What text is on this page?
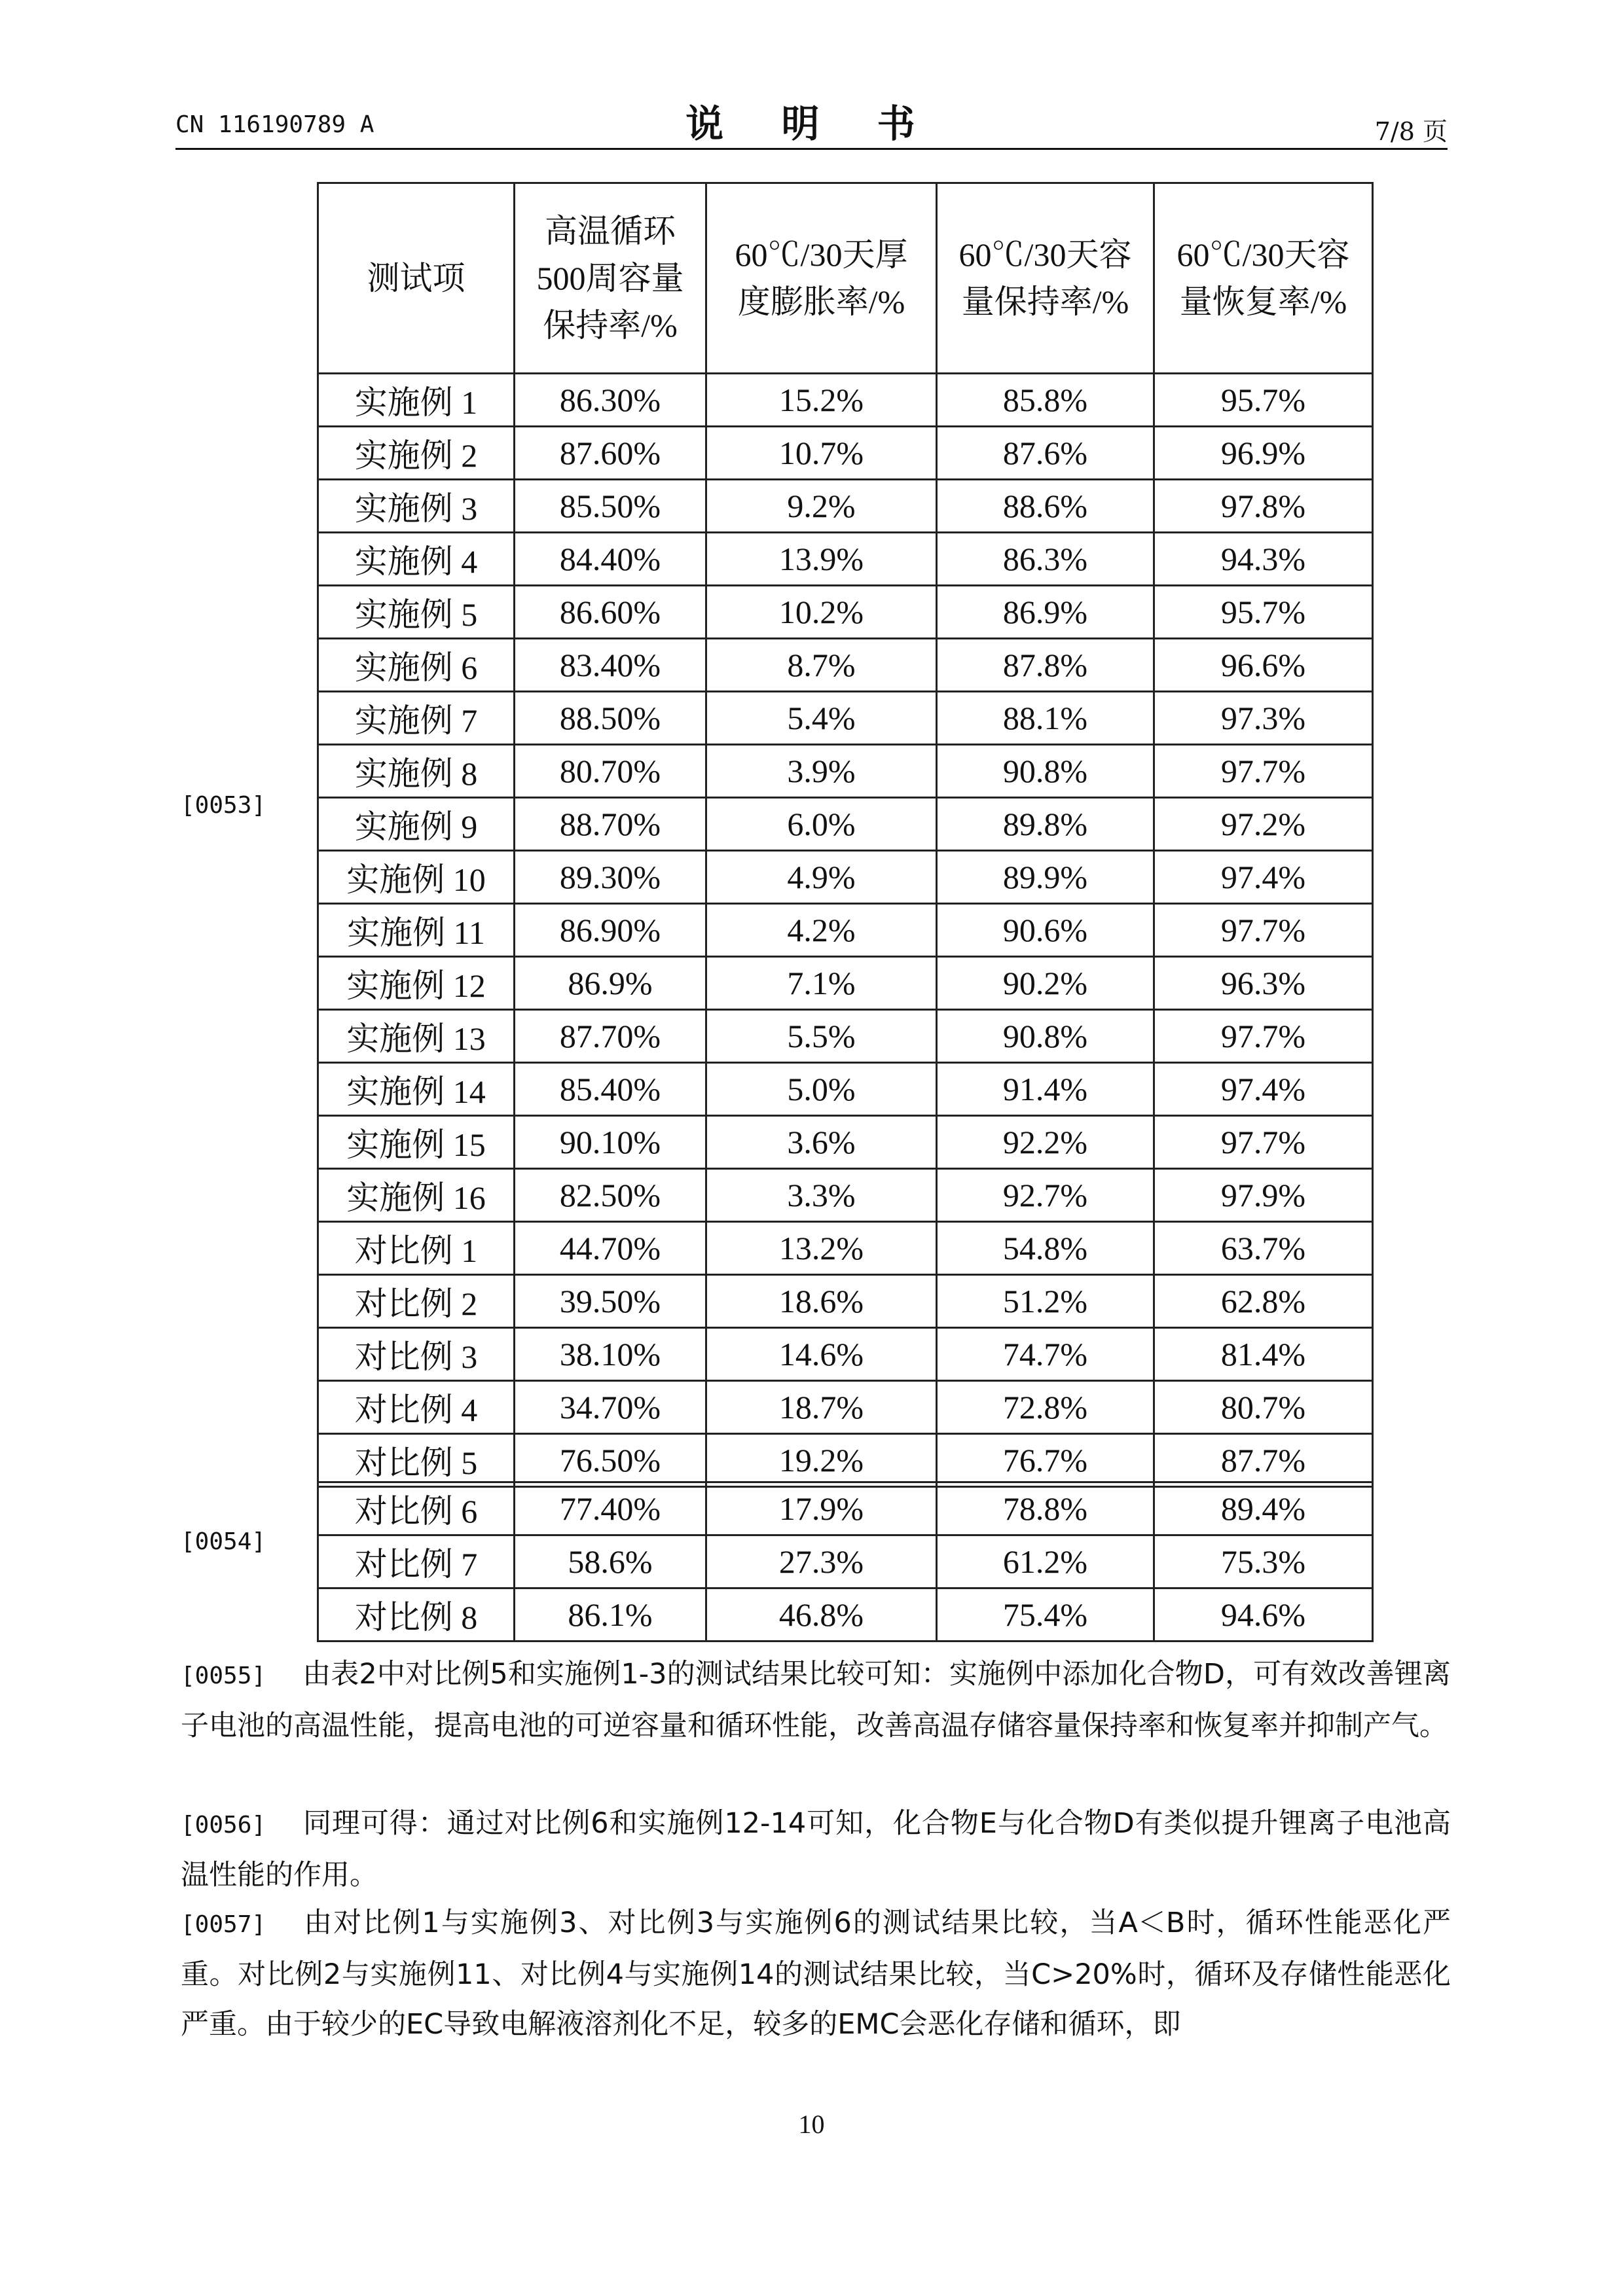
CN 116190789 A	说 明 书	7/8 页
[0053]
测试项	高温循环500周容量保持率/%	60℃/30天厚度膨胀率/%	60℃/30天容量保持率/%	60℃/30天容量恢复率/%

实施例 1	86.30%	15.2%	85.8%	95.7%
实施例 2	87.60%	10.7%	87.6%	96.9%
实施例 3	85.50%	9.2%	88.6%	97.8%
实施例 4	84.40%	13.9%	86.3%	94.3%
实施例 5	86.60%	10.2%	86.9%	95.7%
实施例 6	83.40%	8.7%	87.8%	96.6%
实施例 7	88.50%	5.4%	88.1%	97.3%
实施例 8	80.70%	3.9%	90.8%	97.7%
实施例 9	88.70%	6.0%	89.8%	97.2%
实施例 10	89.30%	4.9%	89.9%	97.4%
实施例 11	86.90%	4.2%	90.6%	97.7%
实施例 12	86.9%	7.1%	90.2%	96.3%
实施例 13	87.70%	5.5%	90.8%	97.7%
实施例 14	85.40%	5.0%	91.4%	97.4%
实施例 15	90.10%	3.6%	92.2%	97.7%
实施例 16	82.50%	3.3%	92.7%	97.9%
对比例 1	44.70%	13.2%	54.8%	63.7%
对比例 2	39.50%	18.6%	51.2%	62.8%
对比例 3	38.10%	14.6%	74.7%	81.4%
对比例 4	34.70%	18.7%	72.8%	80.7%
对比例 5	76.50%	19.2%	76.7%	87.7%
[0054]
对比例 6	77.40%	17.9%	78.8%	89.4%
对比例 7	58.6%	27.3%	61.2%	75.3%
对比例 8	86.1%	46.8%	75.4%	94.6%
[0055] 由表2中对比例5和实施例1-3的测试结果比较可知：实施例中添加化合物D，可有效改善锂离子电池的高温性能，提高电池的可逆容量和循环性能，改善高温存储容量保持率和恢复率并抑制产气。
[0056] 同理可得：通过对比例6和实施例12-14可知，化合物E与化合物D有类似提升锂离子电池高温性能的作用。
[0057] 由对比例1与实施例3、对比例3与实施例6的测试结果比较，当A＜B时，循环性能恶化严重。对比例2与实施例11、对比例4与实施例14的测试结果比较，当C>20%时，循环及存储性能恶化严重。由于较少的EC导致电解液溶剂化不足，较多的EMC会恶化存储和循环，即
10
